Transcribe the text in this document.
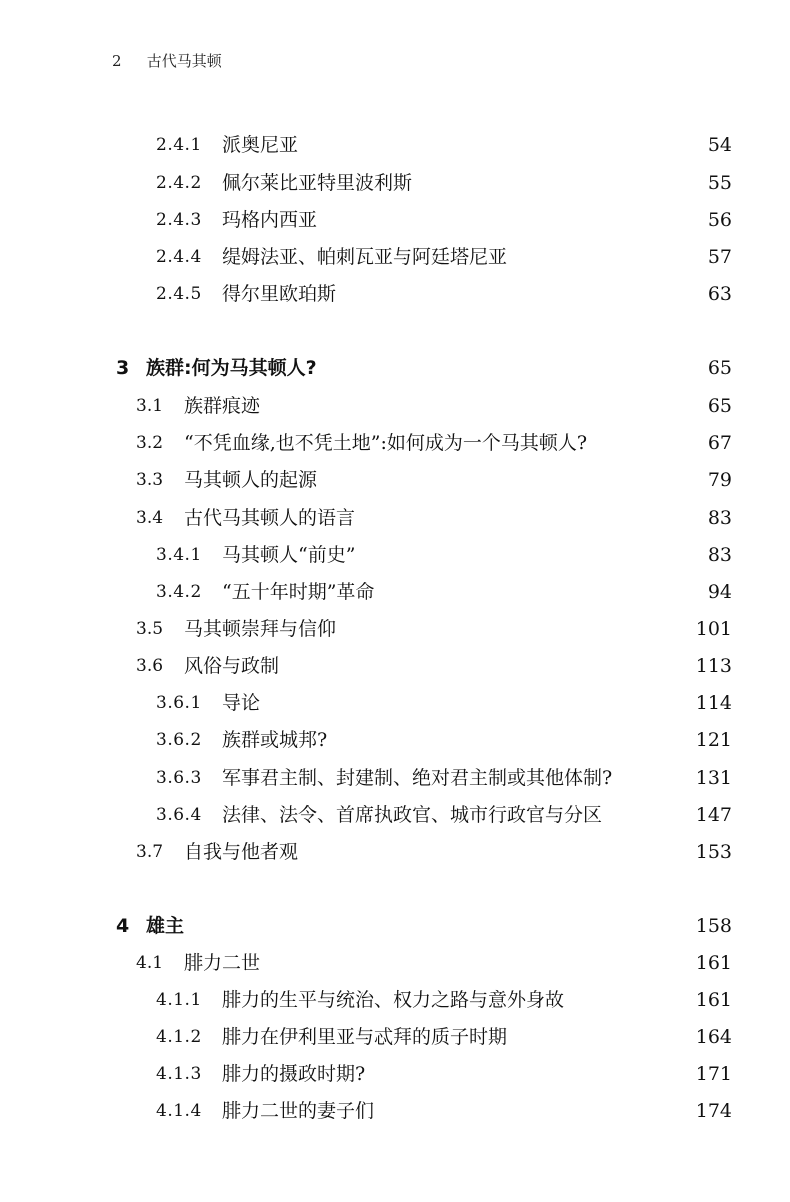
2 古代马其顿
2.4.1 派奥尼亚	54
2.4.2 佩尔莱比亚特里波利斯	55
2.4.3 玛格内西亚	56
2.4.4 缇姆法亚、帕刺瓦亚与阿廷塔尼亚	57
2.4.5 得尔里欧珀斯	63
3 族群:何为马其顿人?	65
3.1 族群痕迹	65
3.2 “不凭血缘,也不凭土地”:如何成为一个马其顿人?	67
3.3 马其顿人的起源	79
3.4 古代马其顿人的语言	83
3.4.1 马其顿人“前史”	83
3.4.2 “五十年时期”革命	94
3.5 马其顿崇拜与信仰	101
3.6 风俗与政制	113
3.6.1 导论	114
3.6.2 族群或城邦?	121
3.6.3 军事君主制、封建制、绝对君主制或其他体制?	131
3.6.4 法律、法令、首席执政官、城市行政官与分区	147
3.7 自我与他者观	153
4 雄主	158
4.1 腓力二世	161
4.1.1 腓力的生平与统治、权力之路与意外身故	161
4.1.2 腓力在伊利里亚与忒拜的质子时期	164
4.1.3 腓力的摄政时期?	171
4.1.4 腓力二世的妻子们	174
